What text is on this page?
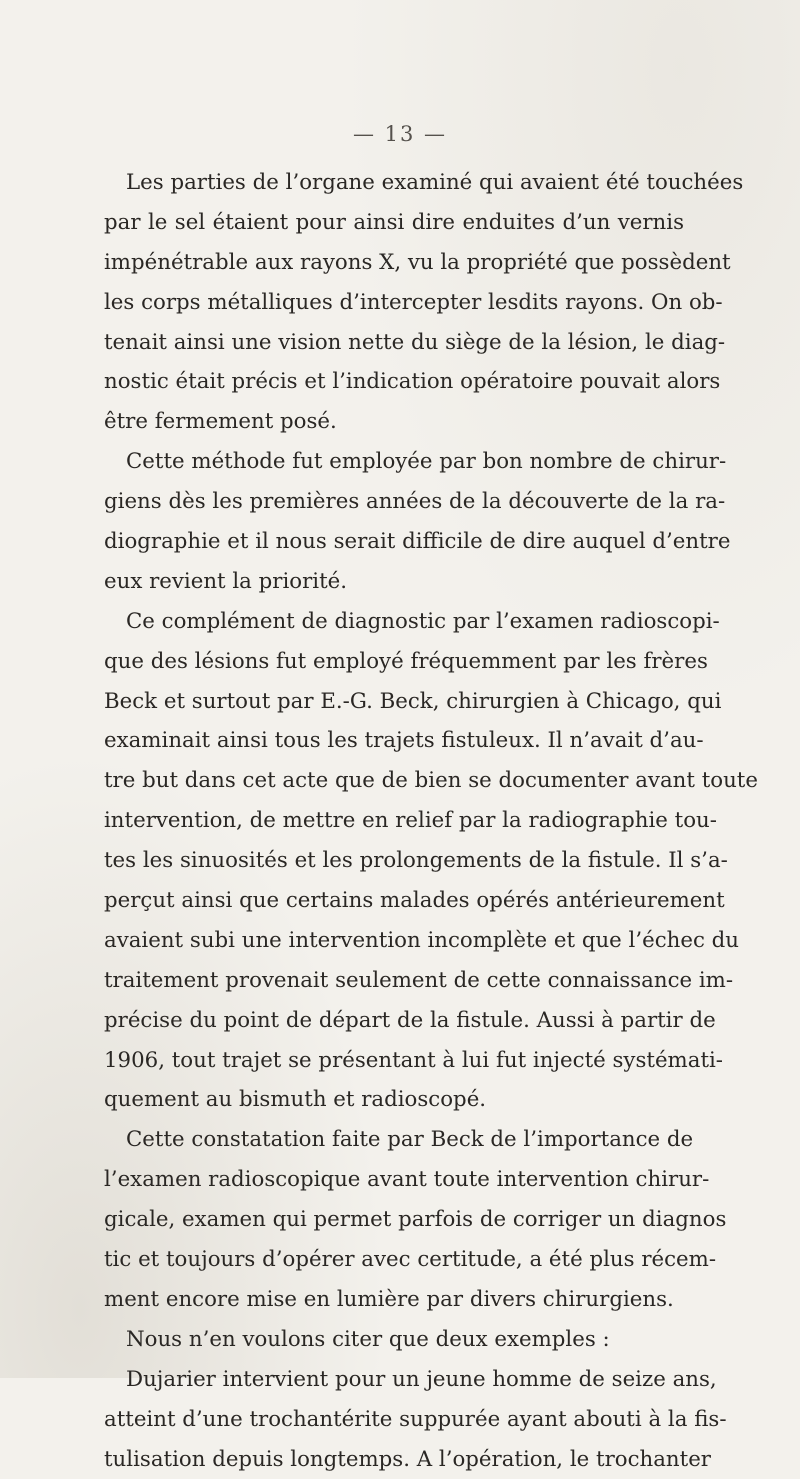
— 13 —
Les parties de l’organe examiné qui avaient été touchées
par le sel étaient pour ainsi dire enduites d’un vernis
impénétrable aux rayons X, vu la propriété que possèdent
les corps métalliques d’intercepter lesdits rayons. On ob-
tenait ainsi une vision nette du siège de la lésion, le diag-
nostic était précis et l’indication opératoire pouvait alors
être fermement posé.
Cette méthode fut employée par bon nombre de chirur-
giens dès les premières années de la découverte de la ra-
diographie et il nous serait difficile de dire auquel d’entre
eux revient la priorité.
Ce complément de diagnostic par l’examen radioscopi-
que des lésions fut employé fréquemment par les frères
Beck et surtout par E.-G. Beck, chirurgien à Chicago, qui
examinait ainsi tous les trajets fistuleux. Il n’avait d’au-
tre but dans cet acte que de bien se documenter avant toute
intervention, de mettre en relief par la radiographie tou-
tes les sinuosités et les prolongements de la fistule. Il s’a-
perçut ainsi que certains malades opérés antérieurement
avaient subi une intervention incomplète et que l’échec du
traitement provenait seulement de cette connaissance im-
précise du point de départ de la fistule. Aussi à partir de
1906, tout trajet se présentant à lui fut injecté systémati-
quement au bismuth et radioscopé.
Cette constatation faite par Beck de l’importance de
l’examen radioscopique avant toute intervention chirur-
gicale, examen qui permet parfois de corriger un diagnos
tic et toujours d’opérer avec certitude, a été plus récem-
ment encore mise en lumière par divers chirurgiens.
Nous n’en voulons citer que deux exemples :
Dujarier intervient pour un jeune homme de seize ans,
atteint d’une trochantérite suppurée ayant abouti à la fis-
tulisation depuis longtemps. A l’opération, le trochanter
